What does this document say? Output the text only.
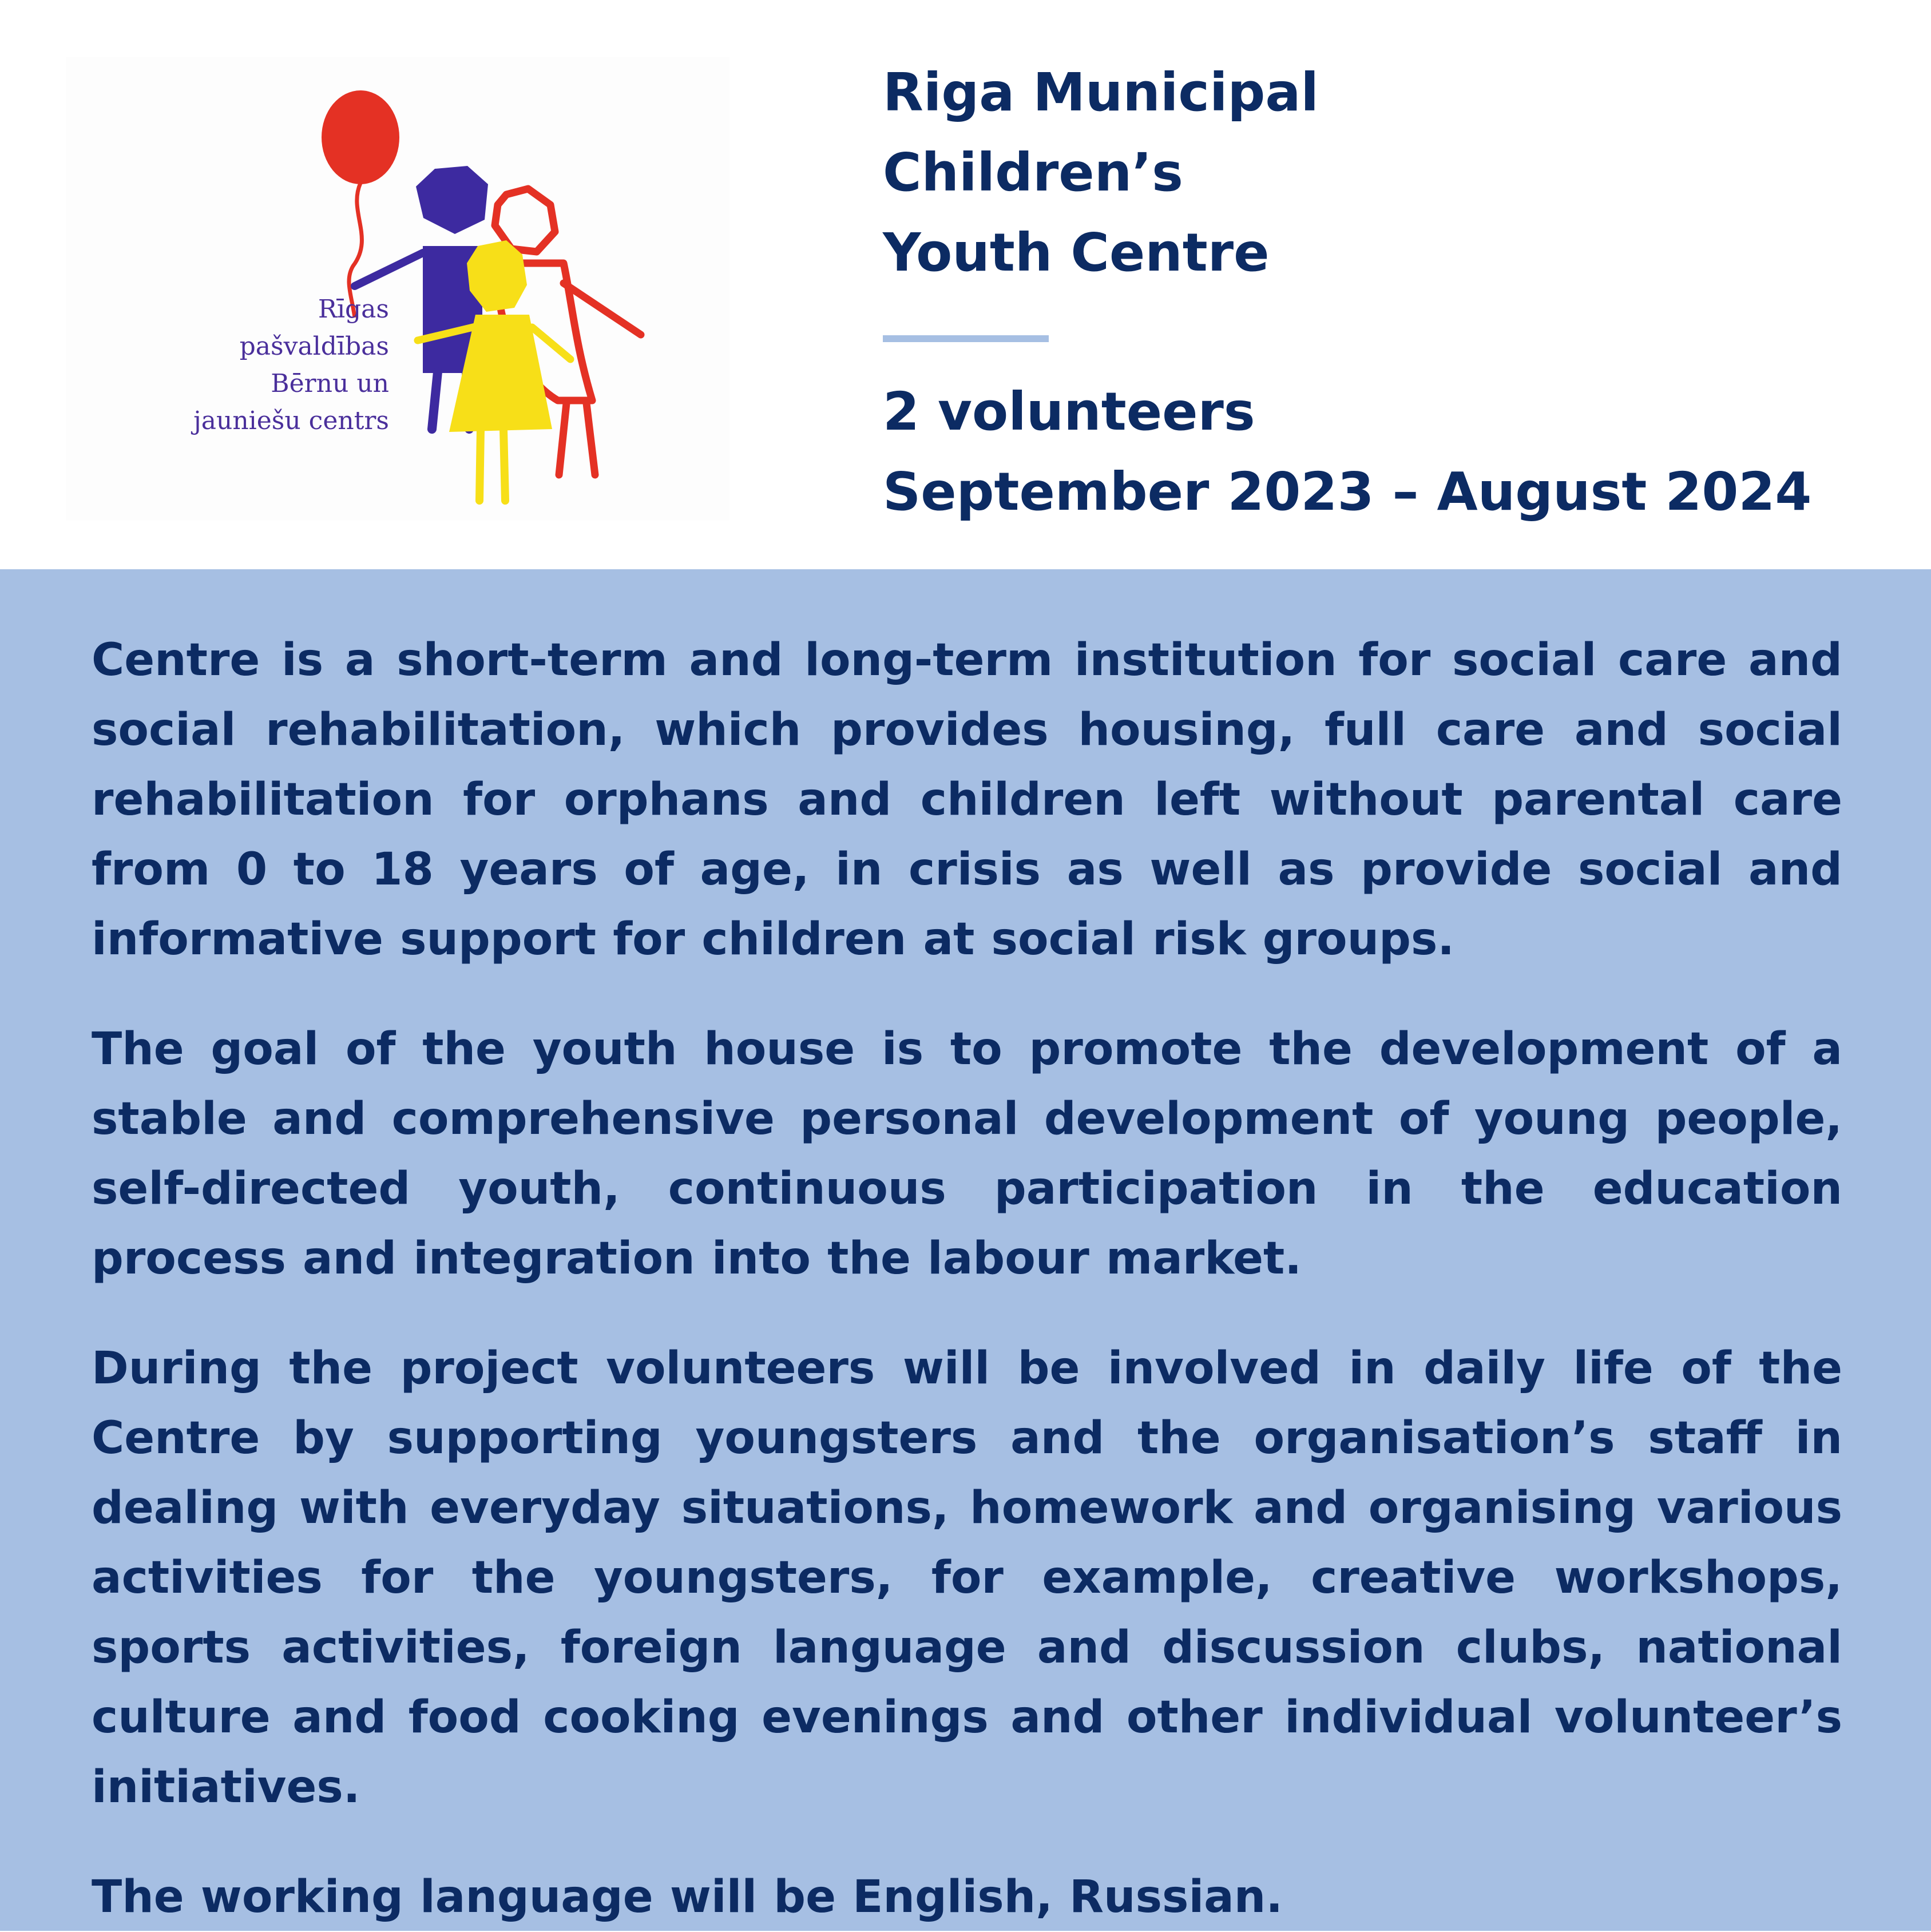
Rīgas
pašvaldības
Bērnu un
jauniešu centrs
Riga Municipal
Children’s
Youth Centre
2 volunteers
September 2023 – August 2024

Centre is a short-term and long-term institution for social care and social rehabilitation, which provides housing, full care and social rehabilitation for orphans and children left without parental care from 0 to 18 years of age, in crisis as well as provide social and informative support for children at social risk groups.

The goal of the youth house is to promote the development of a stable and comprehensive personal development of young people, self-directed youth, continuous participation in the education process and integration into the labour market.

During the project volunteers will be involved in daily life of the Centre by supporting youngsters and the organisation’s staff in dealing with everyday situations, homework and organising various activities for the youngsters, for example, creative workshops, sports activities, foreign language and discussion clubs, national culture and food cooking evenings and other individual volunteer’s initiatives.

The working language will be English, Russian.
